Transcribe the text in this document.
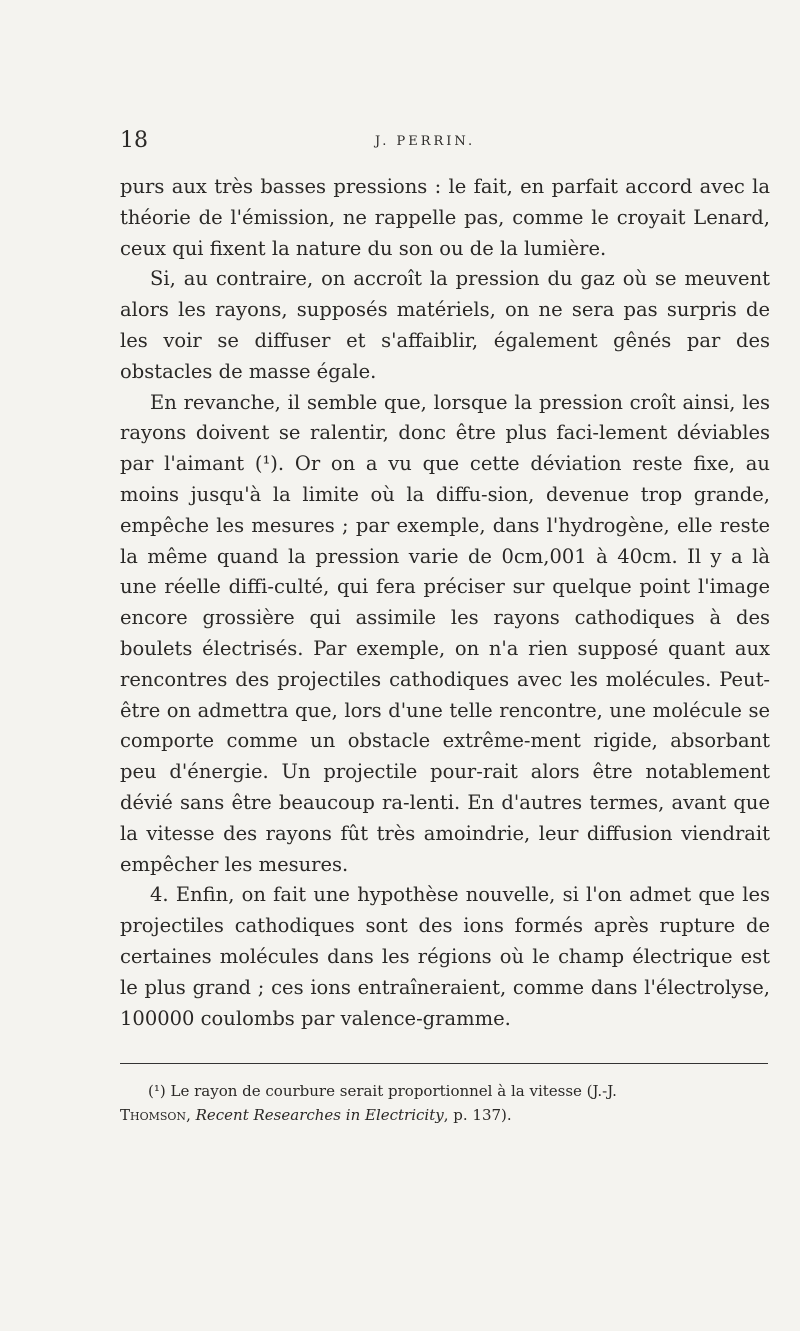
18	J. PERRIN.

purs aux très basses pressions : le fait, en parfait accord avec la théorie de l'émission, ne rappelle pas, comme le croyait Lenard, ceux qui fixent la nature du son ou de la lumière.

Si, au contraire, on accroît la pression du gaz où se meuvent alors les rayons, supposés matériels, on ne sera pas surpris de les voir se diffuser et s'affaiblir, également gênés par des obstacles de masse égale.

En revanche, il semble que, lorsque la pression croît ainsi, les rayons doivent se ralentir, donc être plus faci-lement déviables par l'aimant (¹). Or on a vu que cette déviation reste fixe, au moins jusqu'à la limite où la diffu-sion, devenue trop grande, empêche les mesures ; par exemple, dans l'hydrogène, elle reste la même quand la pression varie de 0cm,001 à 40cm. Il y a là une réelle diffi-culté, qui fera préciser sur quelque point l'image encore grossière qui assimile les rayons cathodiques à des boulets électrisés. Par exemple, on n'a rien supposé quant aux rencontres des projectiles cathodiques avec les molécules. Peut-être on admettra que, lors d'une telle rencontre, une molécule se comporte comme un obstacle extrême-ment rigide, absorbant peu d'énergie. Un projectile pour-rait alors être notablement dévié sans être beaucoup ra-lenti. En d'autres termes, avant que la vitesse des rayons fût très amoindrie, leur diffusion viendrait empêcher les mesures.

4. Enfin, on fait une hypothèse nouvelle, si l'on admet que les projectiles cathodiques sont des ions formés après rupture de certaines molécules dans les régions où le champ électrique est le plus grand ; ces ions entraîneraient, comme dans l'électrolyse, 100000 coulombs par valence-gramme.

(¹) Le rayon de courbure serait proportionnel à la vitesse (J.-J.
Thomson, Recent Researches in Electricity, p. 137).
